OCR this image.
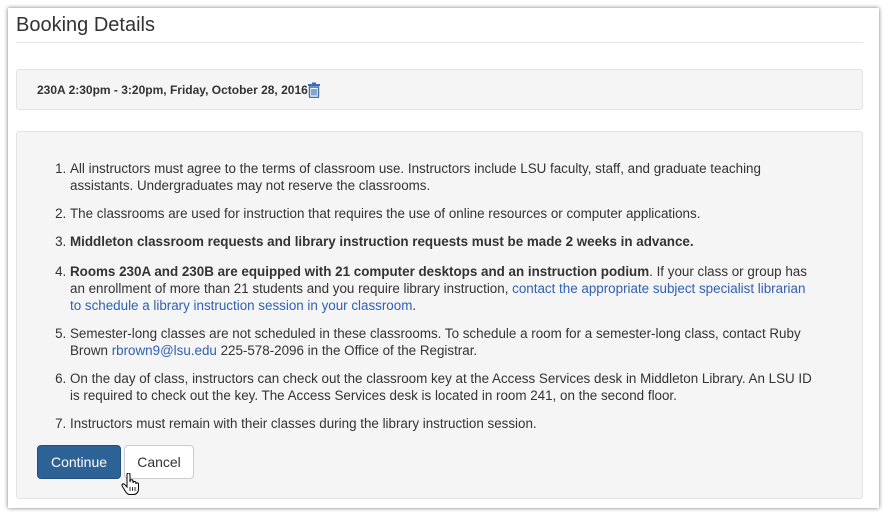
Booking Details
230A 2:30pm - 3:20pm, Friday, October 28, 2016
1. All instructors must agree to the terms of classroom use. Instructors include LSU faculty, staff, and graduate teaching assistants. Undergraduates may not reserve the classrooms.
2. The classrooms are used for instruction that requires the use of online resources or computer applications.
3. Middleton classroom requests and library instruction requests must be made 2 weeks in advance.
4. Rooms 230A and 230B are equipped with 21 computer desktops and an instruction podium. If your class or group has an enrollment of more than 21 students and you require library instruction, contact the appropriate subject specialist librarian to schedule a library instruction session in your classroom.
5. Semester-long classes are not scheduled in these classrooms. To schedule a room for a semester-long class, contact Ruby Brown rbrown9@lsu.edu 225-578-2096 in the Office of the Registrar.
6. On the day of class, instructors can check out the classroom key at the Access Services desk in Middleton Library. An LSU ID is required to check out the key. The Access Services desk is located in room 241, on the second floor.
7. Instructors must remain with their classes during the library instruction session.
Continue	Cancel
